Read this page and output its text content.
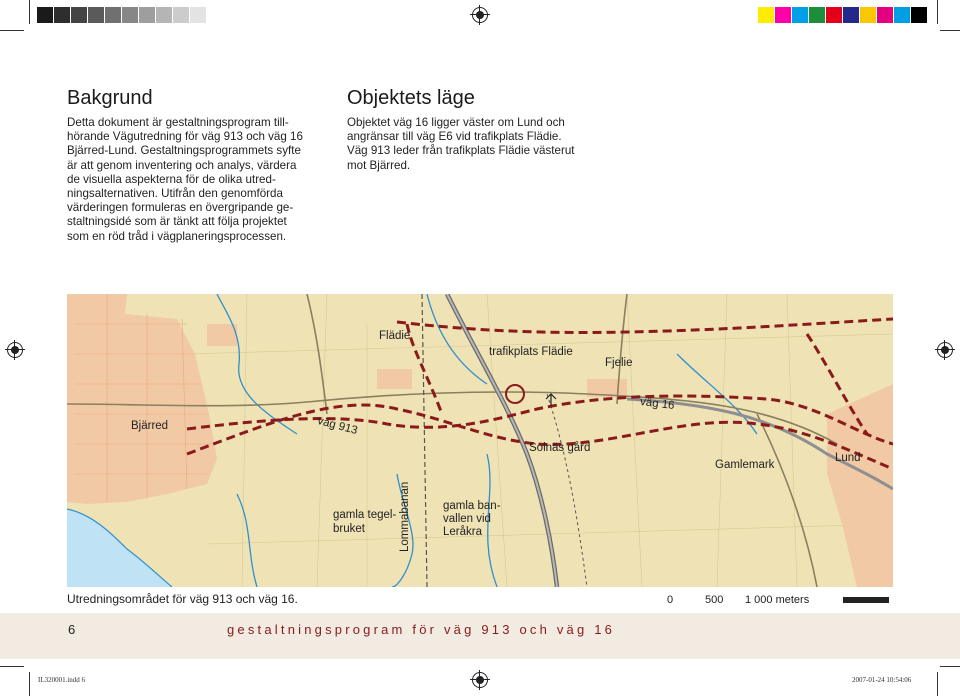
Bakgrund
Detta dokument är gestaltningsprogram till-
hörande Vägutredning för väg 913 och väg 16
Bjärred-Lund. Gestaltningsprogrammets syfte
är att genom inventering och analys, värdera
de visuella aspekterna för de olika utred-
ningsalternativen. Utifrån den genomförda
värderingen formuleras en övergripande ge-
staltningsidé som är tänkt att följa projektet
som en röd tråd i vägplaneringsprocessen.
Objektets läge
Objektet väg 16 ligger väster om Lund och
angränsar till väg E6 vid trafikplats Flädie.
Väg 913 leder från trafikplats Flädie västerut
mot Bjärred.
Flädie
trafikplats Flädie
Fjelie
väg 16
Bjärred	väg 913
Solnäs gård
Gamlemark
Lund
gamla tegel-
bruket	Lommabanan	gamla ban-
vallen vid
Leråkra
0	500 1 000 meters
Utredningsområdet för väg 913 och väg 16.
6	gestaltningsprogram för väg 913 och väg 16
IL320001.indd 6	2007-01-24 10:54:06
